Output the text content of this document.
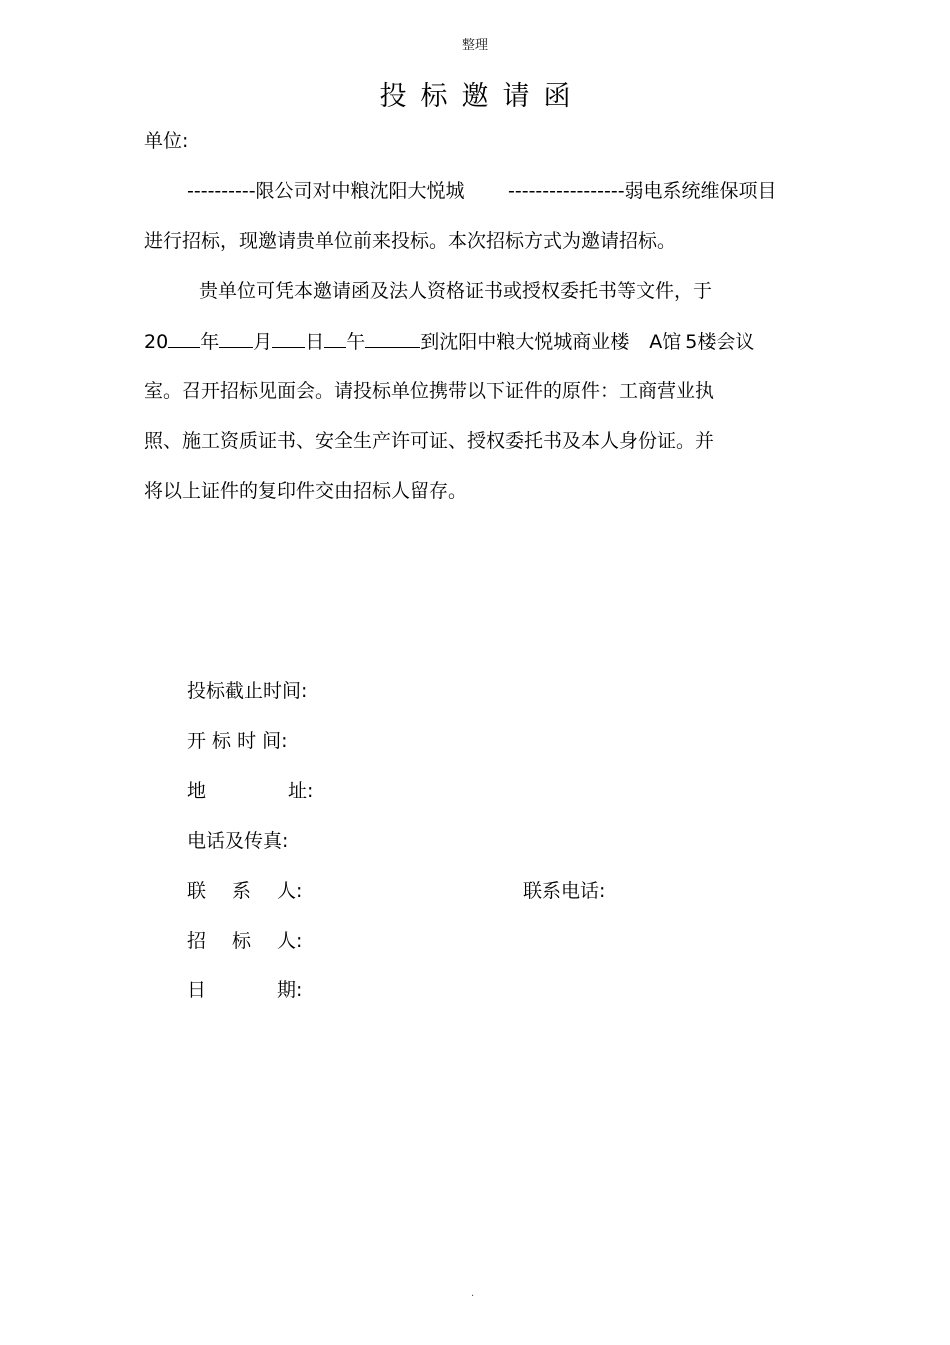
整理
投标邀请函
单位:
----------限公司对中粮沈阳大悦城 -----------------弱电系统维保项目
进行招标，现邀请贵单位前来投标。本次招标方式为邀请招标。
贵单位可凭本邀请函及法人资格证书或授权委托书等文件，于
20 年 月 日 午	到沈阳中粮大悦城商业楼 A馆 5楼会议
室。召开招标见面会。请投标单位携带以下证件的原件：工商营业执
照、施工资质证书、安全生产许可证、授权委托书及本人身份证。并
将以上证件的复印件交由招标人留存。
投标截止时间:
开 标 时 间:
地	址:
电话及传真:
联 系 人:	联系电话:
招 标 人:
日	期:
.
